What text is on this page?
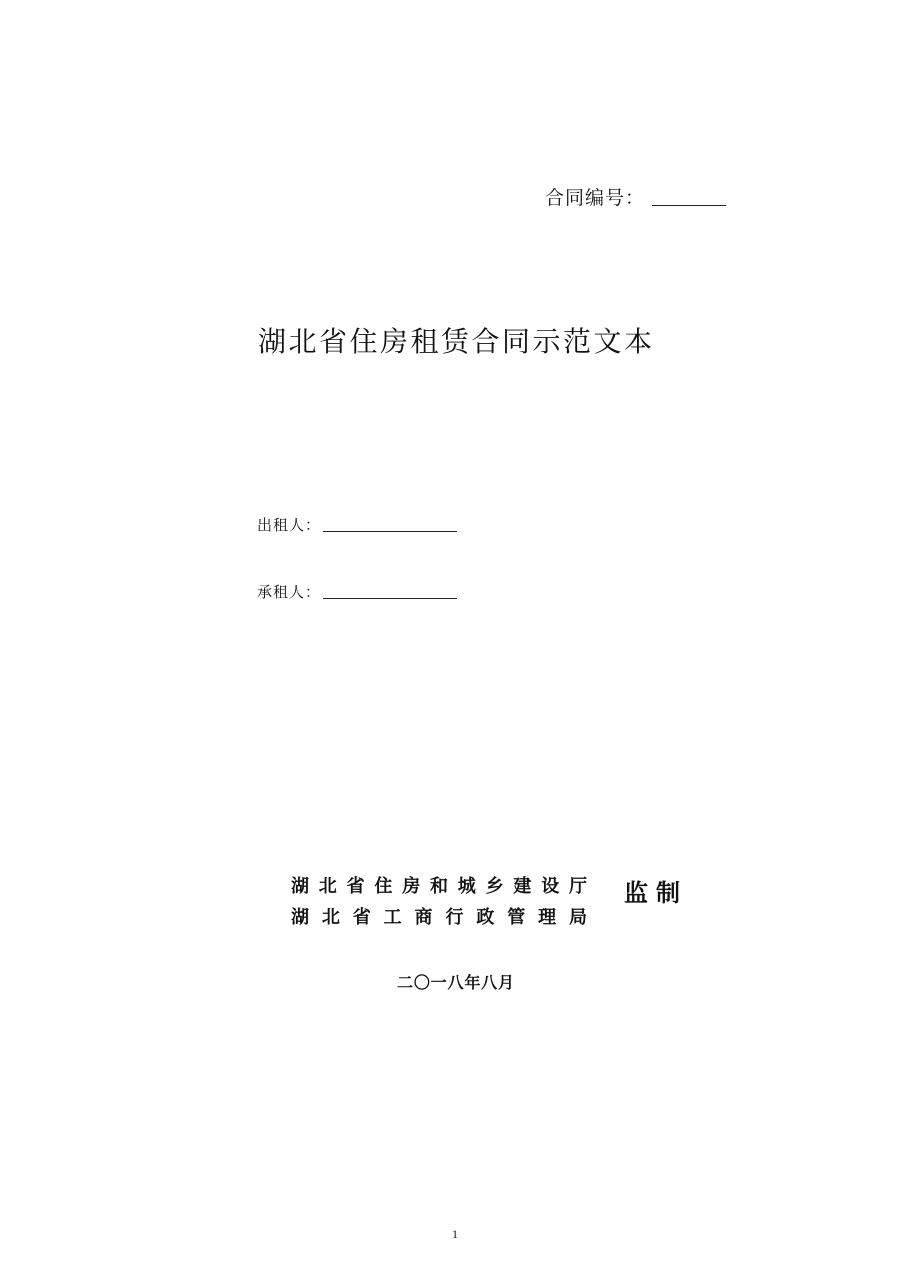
合同编号：
湖北省住房租赁合同示范文本
出租人：
承租人：
湖北省住房和城乡建设厅
湖北省工商行政管理局
监制
二〇一八年八月
1
